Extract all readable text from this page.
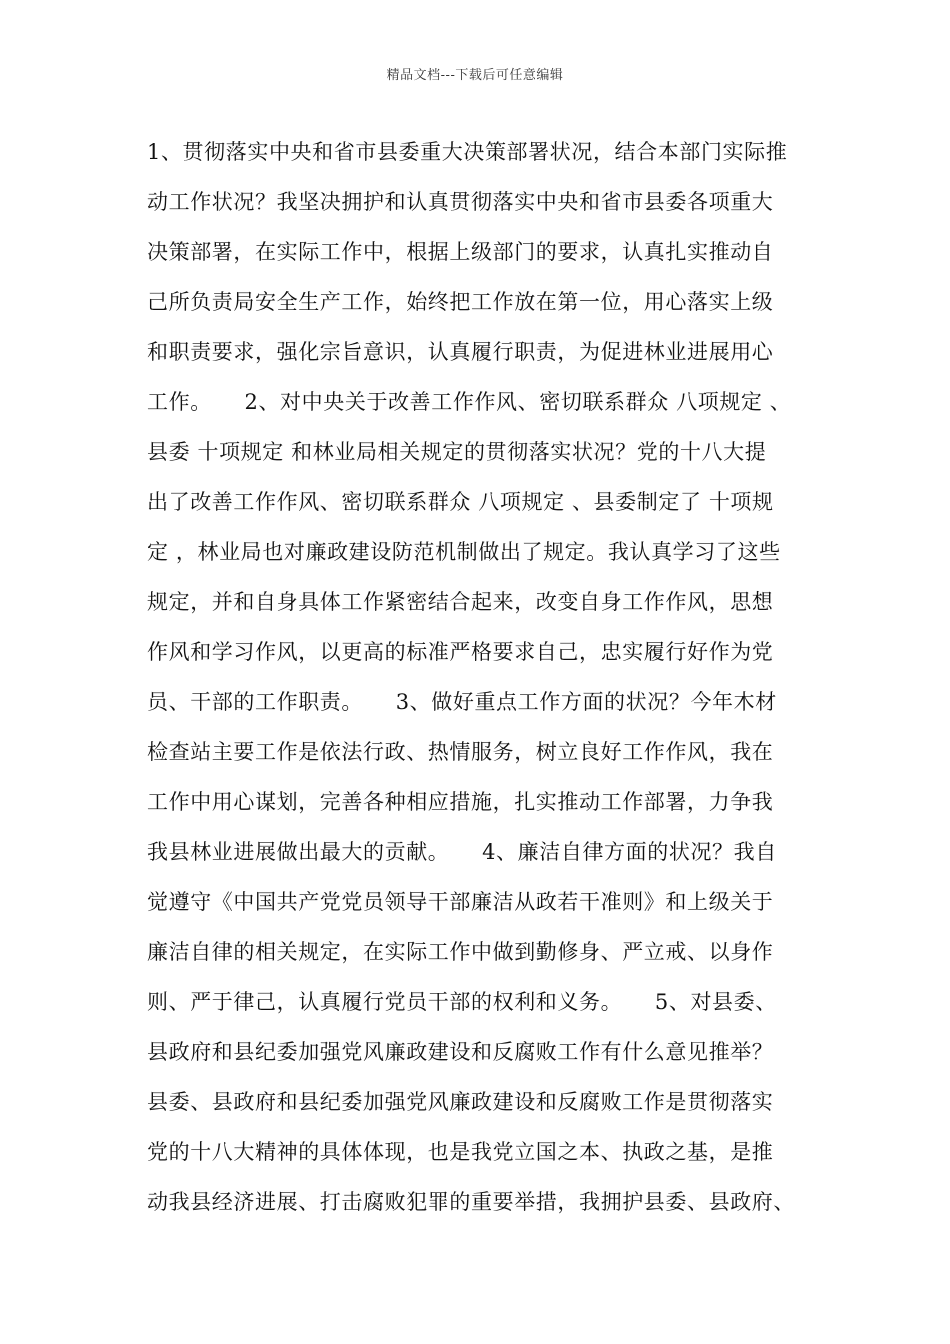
精品文档---下载后可任意编辑
1、贯彻落实中央和省市县委重大决策部署状况，结合本部门实际推
动工作状况？我坚决拥护和认真贯彻落实中央和省市县委各项重大
决策部署，在实际工作中，根据上级部门的要求，认真扎实推动自
己所负责局安全生产工作，始终把工作放在第一位，用心落实上级
和职责要求，强化宗旨意识，认真履行职责，为促进林业进展用心
工作。　　2、对中央关于改善工作作风、密切联系群众 八项规定 、
县委 十项规定 和林业局相关规定的贯彻落实状况？党的十八大提
出了改善工作作风、密切联系群众 八项规定 、县委制定了 十项规
定 ，林业局也对廉政建设防范机制做出了规定。我认真学习了这些
规定，并和自身具体工作紧密结合起来，改变自身工作作风，思想
作风和学习作风，以更高的标准严格要求自己，忠实履行好作为党
员、干部的工作职责。　　3、做好重点工作方面的状况？今年木材
检查站主要工作是依法行政、热情服务，树立良好工作作风，我在
工作中用心谋划，完善各种相应措施，扎实推动工作部署，力争我
我县林业进展做出最大的贡献。　　4、廉洁自律方面的状况？我自
觉遵守《中国共产党党员领导干部廉洁从政若干准则》和上级关于
廉洁自律的相关规定，在实际工作中做到勤修身、严立戒、以身作
则、严于律己，认真履行党员干部的权利和义务。　　5、对县委、
县政府和县纪委加强党风廉政建设和反腐败工作有什么意见推举？
县委、县政府和县纪委加强党风廉政建设和反腐败工作是贯彻落实
党的十八大精神的具体体现，也是我党立国之本、执政之基，是推
动我县经济进展、打击腐败犯罪的重要举措，我拥护县委、县政府、
